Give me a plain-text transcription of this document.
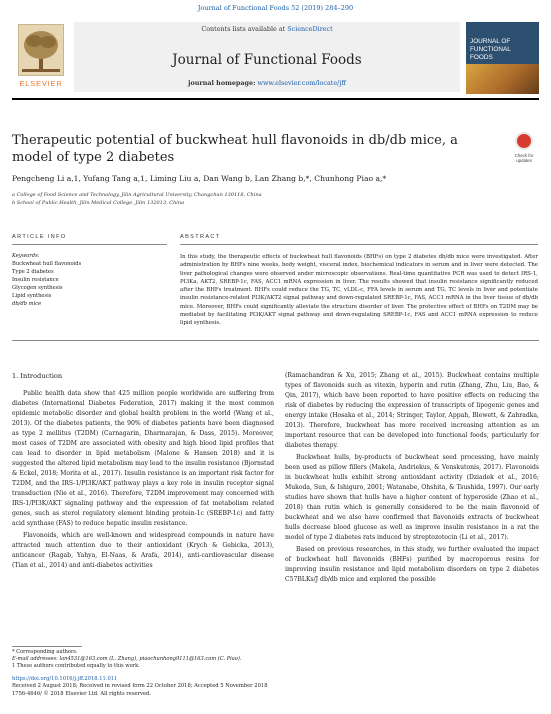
Journal of Functional Foods 52 (2019) 284–290
ELSEVIER
Contents lists available at ScienceDirect
Journal of Functional Foods
journal homepage: www.elsevier.com/locate/jff
JOURNAL OF FUNCTIONAL FOODS
Therapeutic potential of buckwheat hull flavonoids in db/db mice, a model of type 2 diabetes	Check for updates
Pengcheng Li a,1, Yufang Tang a,1, Liming Liu a, Dan Wang b, Lan Zhang b,*, Chunhong Piao a,*
a College of Food Science and Technology, Jilin Agricultural University, Changchun 130118, China
b School of Public Health, Jilin Medical College, Jilin 132013, China
ARTICLE INFO	ABSTRACT
Keywords:
Buckwheat hull flavonoids
Type 2 diabetes
Insulin resistance
Glycogen synthesis
Lipid synthesis
db/db mice
In this study, the therapeutic effects of buckwheat hull flavonoids (BHFs) on type 2 diabetes db/db mice were investigated. After administration by BHFs nine weeks, body weight, visceral index, biochemical indicators in serum and in liver were detected. The liver pathological changes were observed under microscopic observations. Real-time quantitative PCR was used to detect IRS-1, PI3Ka, AKT2, SREBP-1c, FAS, ACC1 mRNA expression in liver. The results showed that insulin resistance significantly reduced after the BHFs treatment. BHFs could reduce the TG, TC, vLDL-c, FFA levels in serum and TG, TC levels in liver and potentiate insulin resistance-related PI3K/AKT2 signal pathway and down-regulated SREBP-1c, FAS, ACC1 mRNA in the liver tissue of db/db mice. Moreover, BHFs could significantly alleviate the structure disorder of liver. The protective effect of BHFs on T2DM may be mediated by facilitating PI3K/AKT signal pathway and down-regulating SREBP-1c, FAS and ACC1 mRNA expression to reduce lipid synthesis.
1. Introduction

Public health data show that 425 million people worldwide are suffering from diabetes (International Diabetes Federation, 2017) making it the most common epidemic metabolic disorder and global health problem in the world (Wang et al., 2013). Of the diabetes patients, the 90% of diabetes patients have been diagnosed as type 2 mellitus (T2DM) (Carnagarin, Dharmarajan, & Dass, 2015). Moreover, most cases of T2DM are associated with obesity and high blood lipid profiles that can lead to disorder in lipid metabolism (Malone & Hansen 2018) and it is suggested the altered lipid metabolism may lead to the insulin resistance (Bjornstad & Eckel, 2018; Morita et al., 2017). Insulin resistance is an important risk factor for T2DM, and the IRS-1/PI3K/AKT pathway plays a key role in insulin receptor signal transduction (Nie et al., 2016). Therefore, T2DM improvement may concerned with IRS-1/PI3K/AKT signaling pathway and the expression of fat metabolism related genes, such as sterol regulatory element binding protein-1c (SREBP-1c) and fatty acid synthase (FAS) to reduce hepatic insulin resistance.

Flavonoids, which are well-known and widespread compounds in nature have attracted much attention due to their antioxidant (Krych & Gebicka, 2013), anticancer (Ragab, Yahya, El-Naas, & Arafa, 2014), anti-cardiovascular disease (Tian et al., 2014) and anti-diabetes activities

(Ramachandran & Xu, 2015; Zhang et al., 2015). Buckwheat contains multiple types of flavonoids such as vitexin, hyperin and rutin (Zhang, Zhu, Liu, Bao, & Qin, 2017), which have been reported to have positive effects on reducing the risk of diabetes by reducing the expression of transcripts of lipogenic genes and energy intake (Hosaka et al., 2014; Stringer, Taylor, Appah, Blewett, & Zahradka, 2013). Therefore, buckwheat has more received increasing attention as an important resource that can be developed into functional foods, particularly for diabetes therapy.

Buckwheat hulls, by-products of buckwheat seed processing, have mainly been used as pillow fillers (Makela, Andriekus, & Venskutonis, 2017). Flavonoids in buckwheat hulls exhibit strong antioxidant activity (Dziadek et al., 2016; Mukoda, Sun, & Ishiguro, 2001; Watanabe, Ohshita, & Tsushida, 1997). Our early studies have shown that hulls have a higher content of hyperoside (Zhao et al., 2018) than rutin which is generally considered to be the main flavonoid of buckwheat and we also have confirmed that flavonoids extracts of buckwheat hulls decrease blood glucose as well as improve insulin resistance in a rat the model of type 2 diabetes rats induced by streptozotocin (Li et al., 2017).

Based on previous researches, in this study, we further evaluated the impact of buckwheat hull flavonoids (BHFs) purified by macroporous resins for improving insulin resistance and lipid metabolism disorders on type 2 diabetes C57BLKs/J db/db mice and explored the possible

* Corresponding authors.
E-mail addresses: lan4531@163.com (L. Zhang), piaochunhong9111@163.com (C. Piao).
1 These authors contributed equally to this work.
https://doi.org/10.1016/j.jff.2018.11.011
Received 2 August 2018; Received in revised form 22 October 2018; Accepted 5 November 2018
1756-4646/ © 2018 Elsevier Ltd. All rights reserved.
